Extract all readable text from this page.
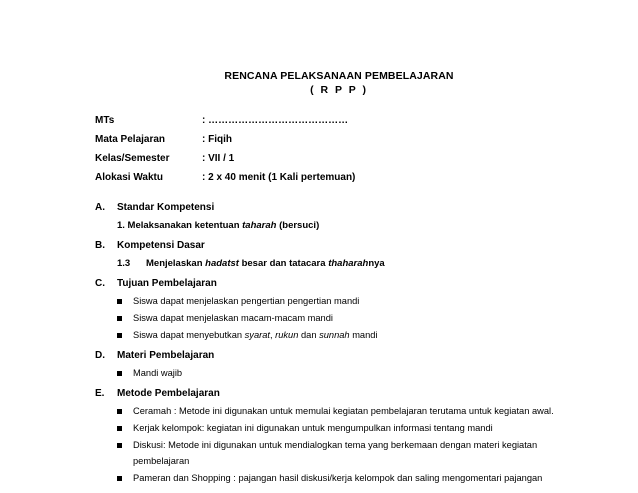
RENCANA PELAKSANAAN PEMBELAJARAN
( R P P )
MTs	: ……………………………………
Mata Pelajaran	: Fiqih
Kelas/Semester	: VII / 1
Alokasi Waktu	: 2 x 40 menit (1 Kali pertemuan)
A. Standar Kompetensi
1. Melaksanakan ketentuan taharah (bersuci)
B. Kompetensi Dasar
1.3 Menjelaskan hadatst besar dan tatacara thaharahnya
C. Tujuan Pembelajaran
Siswa dapat menjelaskan pengertian pengertian mandi
Siswa dapat menjelaskan macam-macam mandi
Siswa dapat menyebutkan syarat, rukun dan sunnah mandi
D. Materi Pembelajaran
Mandi wajib
E. Metode Pembelajaran
Ceramah : Metode ini digunakan untuk memulai kegiatan pembelajaran terutama untuk kegiatan awal.
Kerjak kelompok: kegiatan ini digunakan untuk mengumpulkan informasi tentang mandi
Diskusi: Metode ini digunakan untuk mendialogkan tema yang berkemaan dengan materi kegiatan
pembelajaran
Pameran dan Shopping : pajangan hasil diskusi/kerja kelompok dan saling mengomentari pajangan
